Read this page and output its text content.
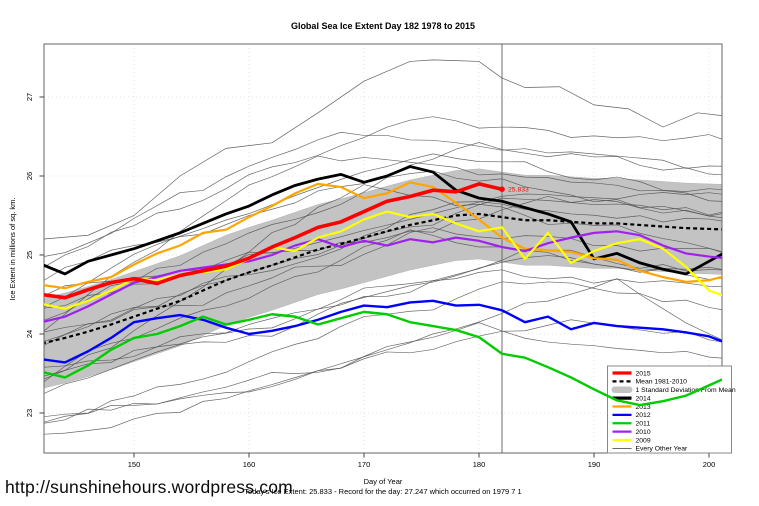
Global Sea Ice Extent Day 182 1978 to 2015
150	160	170	180	190	200
23
24
25
26
27
2015
Mean 1981-2010
1 Standard Deviation From Mean
2014
2013
2012
2011
2010
2009
Every Other Year
25.833
Day of Year
Today's Ice Extent: 25.833 - Record for the day: 27.247 which occurred on 1979 7 1
Ice Extent in millions of sq. km.
http://sunshinehours.wordpress.com
